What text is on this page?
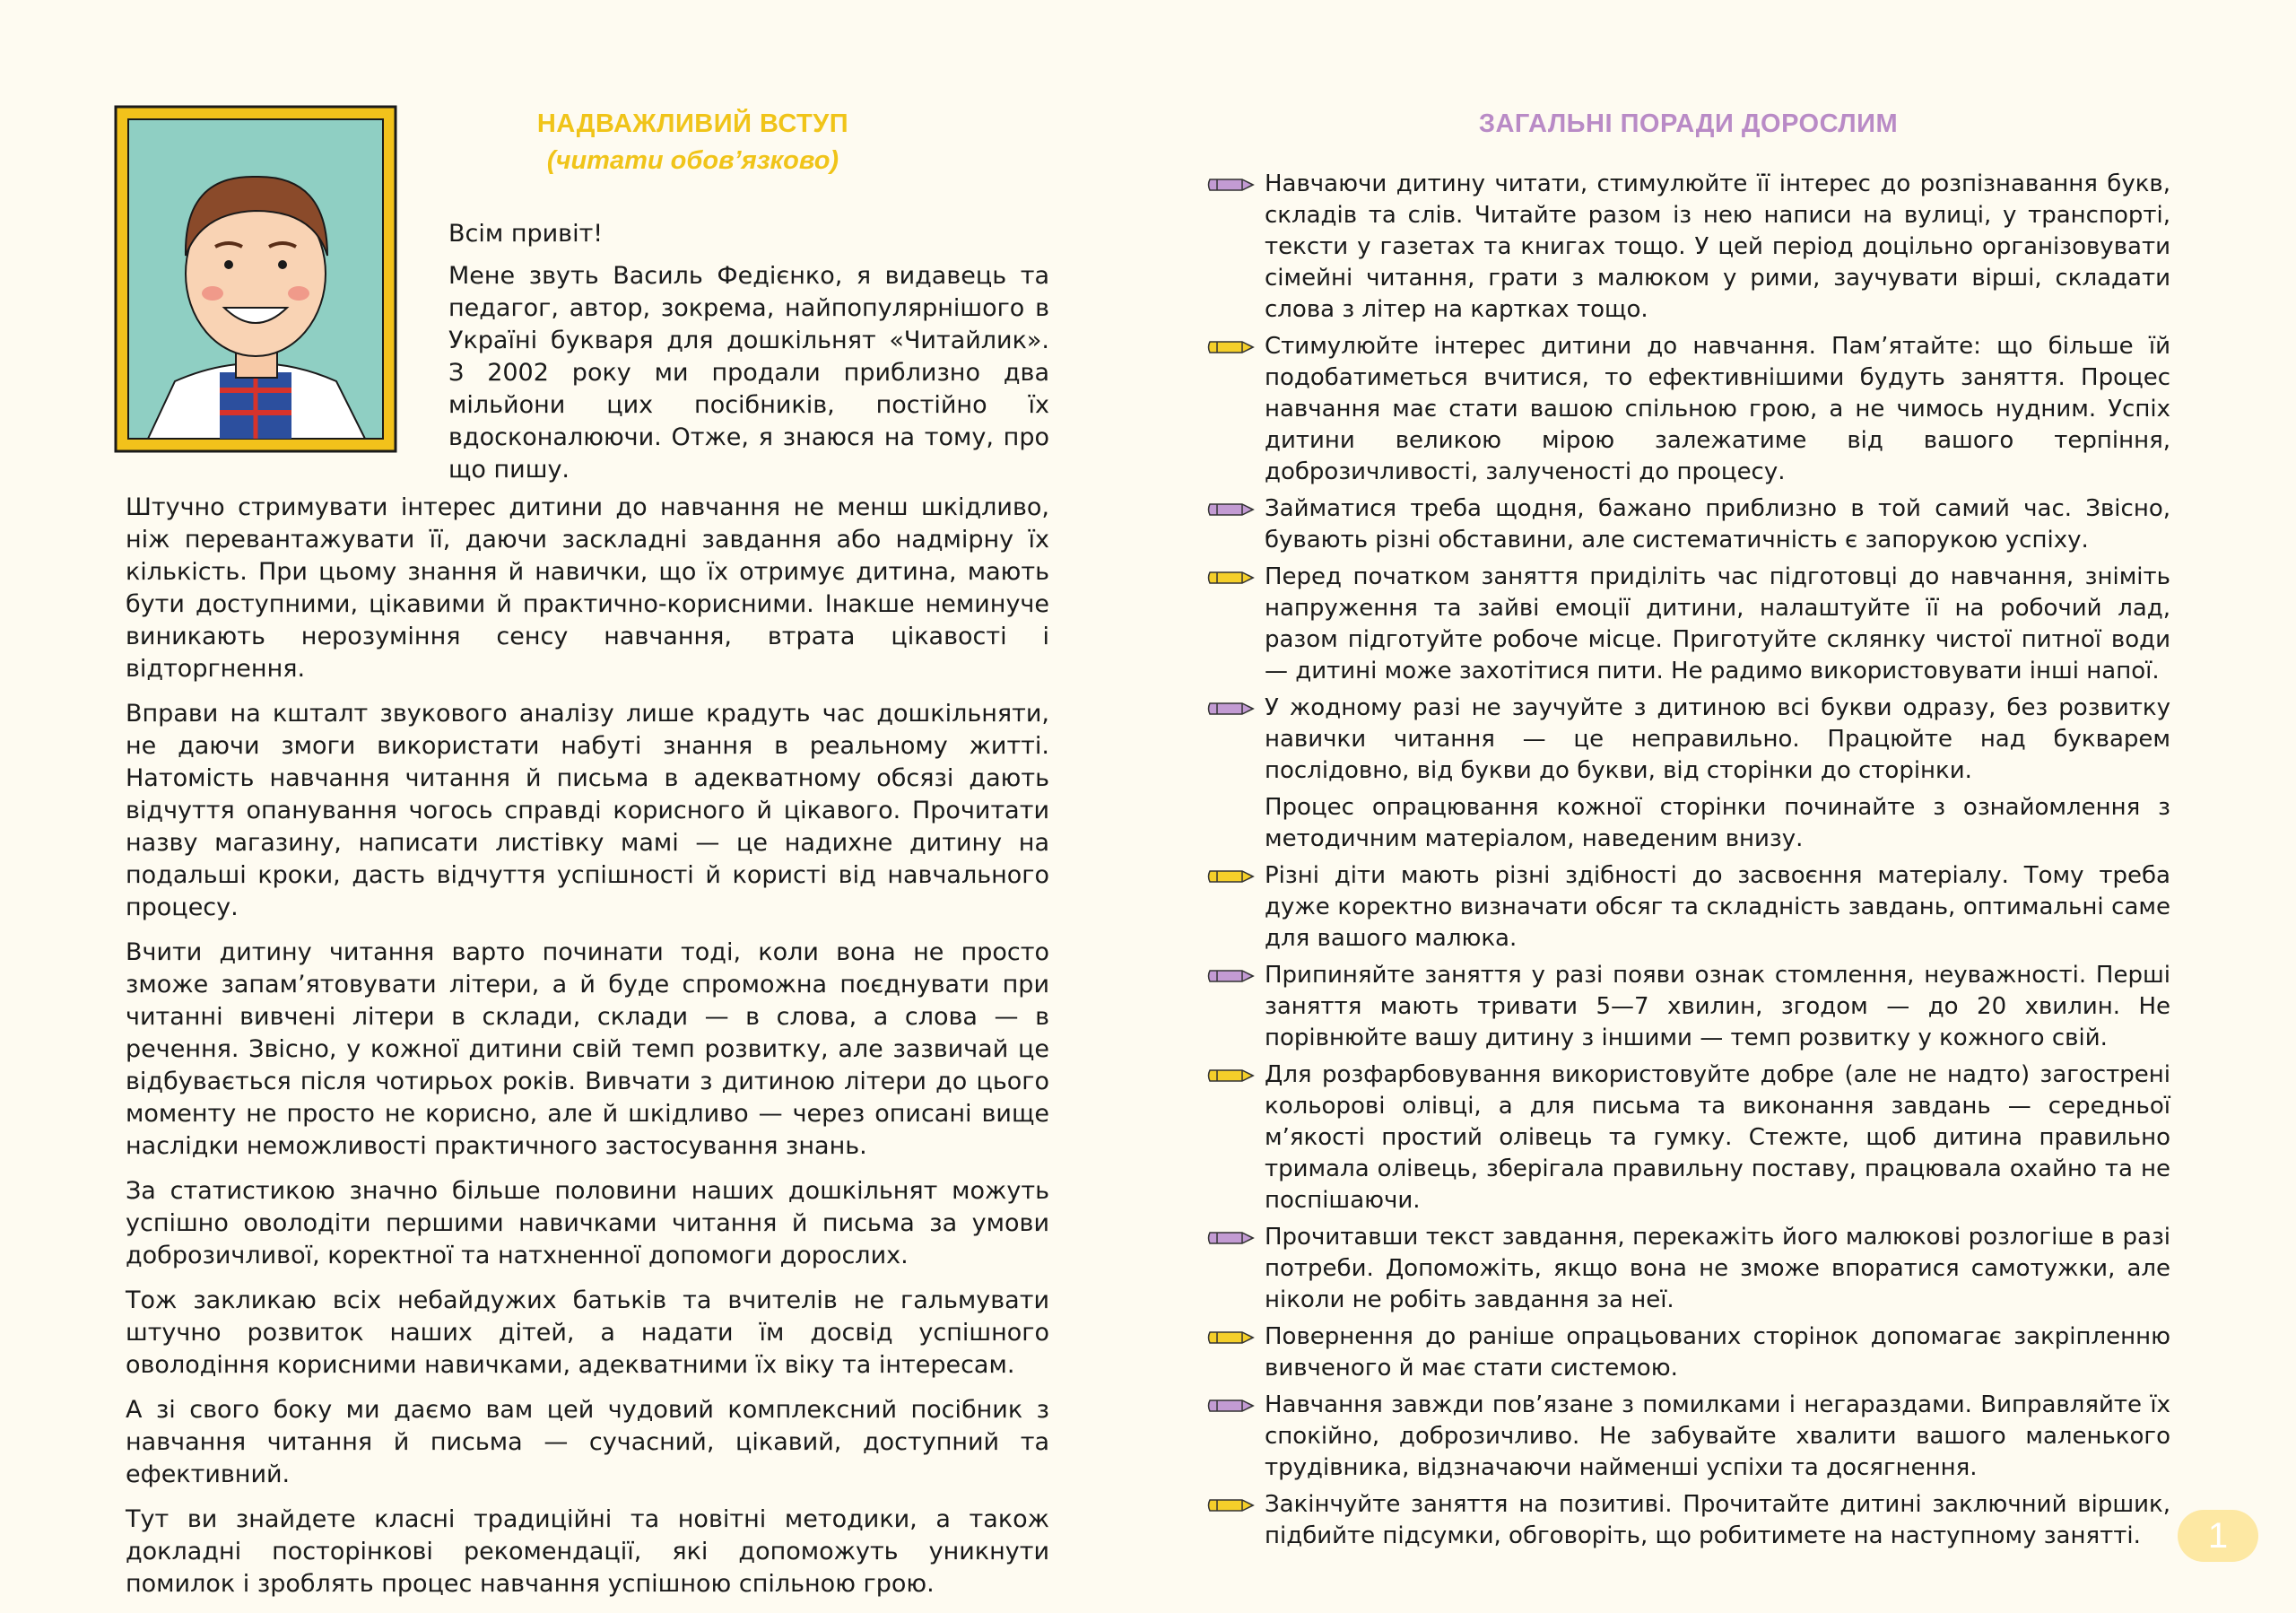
НАДВАЖЛИВИЙ ВСТУП
(читати обов’язково)
Всім привіт!
Мене звуть Василь Федієнко, я видавець та педагог, автор, зокрема, найпопулярнішого в Україні букваря для дошкільнят «Читайлик». З 2002 року ми продали приблизно два мільйони цих посібників, постійно їх вдосконалюючи. Отже, я знаюся на тому, про що пишу.

Штучно стримувати інтерес дитини до навчання не менш шкідливо, ніж перевантажувати її, даючи заскладні завдання або надмірну їх кількість. При цьому знання й навички, що їх отримує дитина, мають бути доступними, цікавими й практично-корисними. Інакше неминуче виникають нерозуміння сенсу навчання, втрата цікавості і відторгнення.

Вправи на кшталт звукового аналізу лише крадуть час дошкільняти, не даючи змоги використати набуті знання в реальному житті. Натомість навчання читання й письма в адекватному обсязі дають відчуття опанування чогось справді корисного й цікавого. Прочитати назву магазину, написати листівку мамі — це надихне дитину на подальші кроки, дасть відчуття успішності й користі від навчального процесу.

Вчити дитину читання варто починати тоді, коли вона не просто зможе запам’ятовувати літери, а й буде спроможна поєднувати при читанні вивчені літери в склади, склади — в слова, а слова — в речення. Звісно, у кожної дитини свій темп розвитку, але зазвичай це відбувається після чотирьох років. Вивчати з дитиною літери до цього моменту не просто не корисно, але й шкідливо — через описані вище наслідки неможливості практичного застосування знань.

За статистикою значно більше половини наших дошкільнят можуть успішно оволодіти першими навичками читання й письма за умови доброзичливої, коректної та натхненної допомоги дорослих.

Тож закликаю всіх небайдужих батьків та вчителів не гальмувати штучно розвиток наших дітей, а надати їм досвід успішного оволодіння корисними навичками, адекватними їх віку та інтересам.

А зі свого боку ми даємо вам цей чудовий комплексний посібник з навчання читання й письма — сучасний, цікавий, доступний та ефективний.

Тут ви знайдете класні традиційні та новітні методики, а також докладні посторінкові рекомендації, які допоможуть уникнути помилок і зроблять процес навчання успішною спільною грою.

ЗАГАЛЬНІ ПОРАДИ ДОРОСЛИМ
Навчаючи дитину читати, стимулюйте її інтерес до розпізнавання букв, складів та слів. Читайте разом із нею написи на вулиці, у транспорті, тексти у газетах та книгах тощо. У цей період доцільно організовувати сімейні читання, грати з малюком у рими, заучувати вірші, складати слова з літер на картках тощо.
Стимулюйте інтерес дитини до навчання. Пам’ятайте: що більше їй подобатиметься вчитися, то ефективнішими будуть заняття. Процес навчання має стати вашою спільною грою, а не чимось нудним. Успіх дитини великою мірою залежатиме від вашого терпіння, доброзичливості, залученості до процесу.
Займатися треба щодня, бажано приблизно в той самий час. Звісно, бувають різні обставини, але систематичність є запорукою успіху.
Перед початком заняття приділіть час підготовці до навчання, зніміть напруження та зайві емоції дитини, налаштуйте її на робочий лад, разом підготуйте робоче місце. Приготуйте склянку чистої питної води — дитині може захотітися пити. Не радимо використовувати інші напої.
У жодному разі не заучуйте з дитиною всі букви одразу, без розвитку навички читання — це неправильно. Працюйте над букварем послідовно, від букви до букви, від сторінки до сторінки.
Процес опрацювання кожної сторінки починайте з ознайомлення з методичним матеріалом, наведеним внизу.
Різні діти мають різні здібності до засвоєння матеріалу. Тому треба дуже коректно визначати обсяг та складність завдань, оптимальні саме для вашого малюка.
Припиняйте заняття у разі появи ознак стомлення, неуважності. Перші заняття мають тривати 5—7 хвилин, згодом — до 20 хвилин. Не порівнюйте вашу дитину з іншими — темп розвитку у кожного свій.
Для розфарбовування використовуйте добре (але не надто) загострені кольорові олівці, а для письма та виконання завдань — середньої м’якості простий олівець та гумку. Стежте, щоб дитина правильно тримала олівець, зберігала правильну поставу, працювала охайно та не поспішаючи.
Прочитавши текст завдання, перекажіть його малюкові розлогіше в разі потреби. Допоможіть, якщо вона не зможе впоратися самотужки, але ніколи не робіть завдання за неї.
Повернення до раніше опрацьованих сторінок допомагає закріпленню вивченого й має стати системою.
Навчання завжди пов’язане з помилками і негараздами. Виправляйте їх спокійно, доброзичливо. Не забувайте хвалити вашого маленького трудівника, відзначаючи найменші успіхи та досягнення.
Закінчуйте заняття на позитиві. Прочитайте дитині заключний віршик, підбийте підсумки, обговоріть, що робитимете на наступному занятті.	1
